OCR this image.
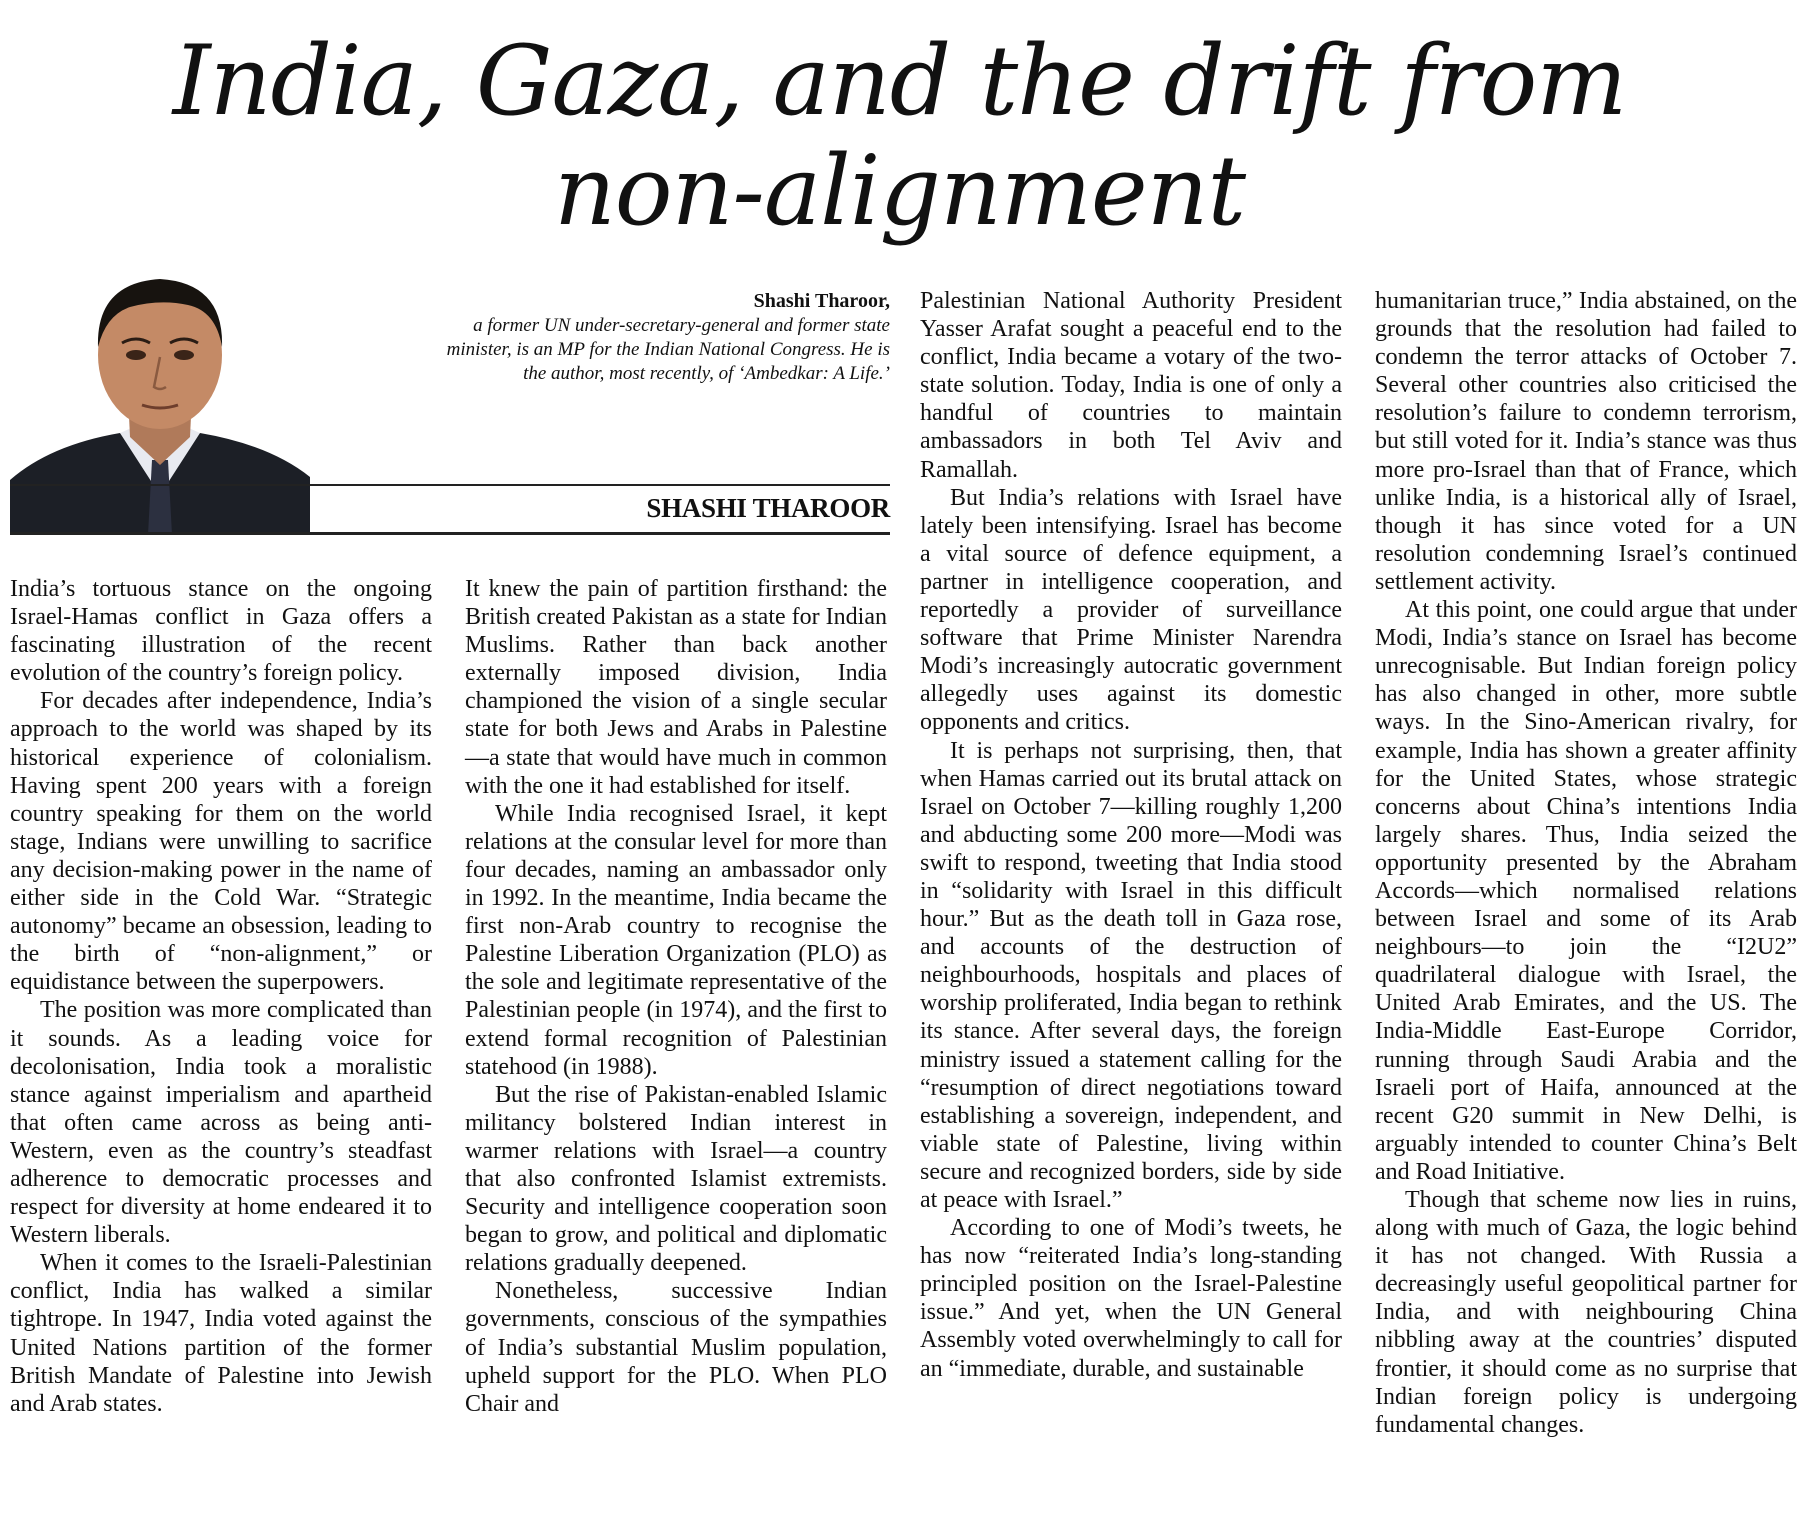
India, Gaza, and the drift from
non-alignment

Shashi Tharoor,

a former UN under-secretary-general and former state minister, is an MP for the Indian National Congress. He is the author, most recently, of ‘Ambedkar: A Life.’

SHASHI THAROOR

India’s tortuous stance on the ongoing Israel-Hamas conflict in Gaza offers a fascinating illustration of the recent evolution of the country’s foreign policy.

For decades after independence, India’s approach to the world was shaped by its historical experience of colonialism. Having spent 200 years with a foreign country speaking for them on the world stage, Indians were unwilling to sacrifice any decision-making power in the name of either side in the Cold War. “Strategic autonomy” became an obsession, leading to the birth of “non-alignment,” or equidistance between the superpowers.

The position was more complicated than it sounds. As a leading voice for decolonisation, India took a moralistic stance against imperialism and apartheid that often came across as being anti-Western, even as the country’s steadfast adherence to democratic processes and respect for diversity at home endeared it to Western liberals.

When it comes to the Israeli-Palestinian conflict, India has walked a similar tightrope. In 1947, India voted against the United Nations partition of the former British Mandate of Palestine into Jewish and Arab states.

It knew the pain of partition firsthand: the British created Pakistan as a state for Indian Muslims. Rather than back another externally imposed division, India championed the vision of a single secular state for both Jews and Arabs in Palestine—a state that would have much in common with the one it had established for itself.

While India recognised Israel, it kept relations at the consular level for more than four decades, naming an ambassador only in 1992. In the meantime, India became the first non-Arab country to recognise the Palestine Liberation Organization (PLO) as the sole and legitimate representative of the Palestinian people (in 1974), and the first to extend formal recognition of Palestinian statehood (in 1988).

But the rise of Pakistan-enabled Islamic militancy bolstered Indian interest in warmer relations with Israel—a country that also confronted Islamist extremists. Security and intelligence cooperation soon began to grow, and political and diplomatic relations gradually deepened.

Nonetheless, successive Indian governments, conscious of the sympathies of India’s substantial Muslim population, upheld support for the PLO. When PLO Chair and

Palestinian National Authority President Yasser Arafat sought a peaceful end to the conflict, India became a votary of the two-state solution. Today, India is one of only a handful of countries to maintain ambassadors in both Tel Aviv and Ramallah.

But India’s relations with Israel have lately been intensifying. Israel has become a vital source of defence equipment, a partner in intelligence cooperation, and reportedly a provider of surveillance software that Prime Minister Narendra Modi’s increasingly autocratic government allegedly uses against its domestic opponents and critics.

It is perhaps not surprising, then, that when Hamas carried out its brutal attack on Israel on October 7—killing roughly 1,200 and abducting some 200 more—Modi was swift to respond, tweeting that India stood in “solidarity with Israel in this difficult hour.” But as the death toll in Gaza rose, and accounts of the destruction of neighbourhoods, hospitals and places of worship proliferated, India began to rethink its stance. After several days, the foreign ministry issued a statement calling for the “resumption of direct negotiations toward establishing a sovereign, independent, and viable state of Palestine, living within secure and recognized borders, side by side at peace with Israel.”

According to one of Modi’s tweets, he has now “reiterated India’s long-standing principled position on the Israel-Palestine issue.” And yet, when the UN General Assembly voted overwhelmingly to call for an “immediate, durable, and sustainable

humanitarian truce,” India abstained, on the grounds that the resolution had failed to condemn the terror attacks of October 7. Several other countries also criticised the resolution’s failure to condemn terrorism, but still voted for it. India’s stance was thus more pro-Israel than that of France, which unlike India, is a historical ally of Israel, though it has since voted for a UN resolution condemning Israel’s continued settlement activity.

At this point, one could argue that under Modi, India’s stance on Israel has become unrecognisable. But Indian foreign policy has also changed in other, more subtle ways. In the Sino-American rivalry, for example, India has shown a greater affinity for the United States, whose strategic concerns about China’s intentions India largely shares. Thus, India seized the opportunity presented by the Abraham Accords—which normalised relations between Israel and some of its Arab neighbours—to join the “I2U2” quadrilateral dialogue with Israel, the United Arab Emirates, and the US. The India-Middle East-Europe Corridor, running through Saudi Arabia and the Israeli port of Haifa, announced at the recent G20 summit in New Delhi, is arguably intended to counter China’s Belt and Road Initiative.

Though that scheme now lies in ruins, along with much of Gaza, the logic behind it has not changed. With Russia a decreasingly useful geopolitical partner for India, and with neighbouring China nibbling away at the countries’ disputed frontier, it should come as no surprise that Indian foreign policy is undergoing fundamental changes.
